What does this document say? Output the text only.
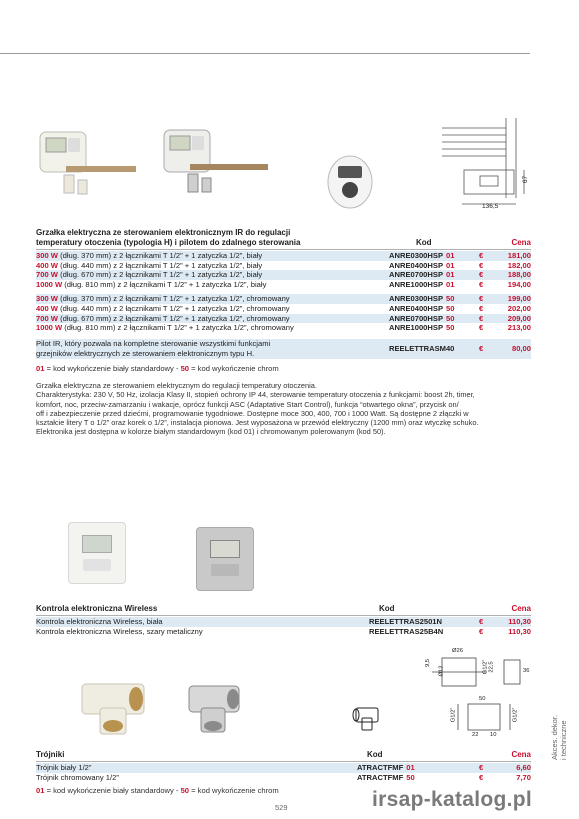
136,5
67
Grzałka elektryczna ze sterowaniem elektronicznym IR do regulacji
temperatury otoczenia (typologia H) i pilotem do zdalnego sterowania	Kod	Cena
300 W (dług. 370 mm) z 2 łącznikami T 1/2” + 1 zatyczka 1/2”, biały	ANRE0300HSP 01	€	181,00
400 W (dług. 440 mm) z 2 łącznikami T 1/2” + 1 zatyczka 1/2”, biały	ANRE0400HSP 01	€	182,00
700 W (dług. 670 mm) z 2 łącznikami T 1/2” + 1 zatyczka 1/2”, biały	ANRE0700HSP 01	€	188,00
1000 W (dług. 810 mm) z 2 łącznikami T 1/2” + 1 zatyczka 1/2”, biały	ANRE1000HSP 01	€	194,00
300 W (dług. 370 mm) z 2 łącznikami T 1/2” + 1 zatyczka 1/2”, chromowany	ANRE0300HSP 50	€	199,00
400 W (dług. 440 mm) z 2 łącznikami T 1/2” + 1 zatyczka 1/2”, chromowany	ANRE0400HSP 50	€	202,00
700 W (dług. 670 mm) z 2 łącznikami T 1/2” + 1 zatyczka 1/2”, chromowany	ANRE0700HSP 50	€	209,00
1000 W (dług. 810 mm) z 2 łącznikami T 1/2” + 1 zatyczka 1/2”, chromowany	ANRE1000HSP 50	€	213,00
Pilot IR, który pozwala na kompletne sterowanie wszystkimi funkcjami
grzejników elektrycznych ze sterowaniem elektronicznym typu H.
REELETTRASM40	€	80,00
01 = kod wykończenie biały standardowy - 50 = kod wykończenie chrom
Grzałka elektryczna ze sterowaniem elektrycznym do regulacji temperatury otoczenia.
Charakterystyka: 230 V, 50 Hz, izolacja Klasy II, stopień ochrony IP 44, sterowanie temperatury otoczenia z funkcjami: boost 2h, timer,
komfort, noc, przeciw-zamarzaniu i wakacje, oprócz funkcji ASC (Adaptative Start Control), funkcja “otwartego okna”, przycisk on/
off i zabezpieczenie przed dziećmi, programowanie tygodniowe. Dostępne moce 300, 400, 700 i 1000 Watt. Są dostępne 2 złączki w
kształcie litery T o 1/2” oraz korek o 1/2”, instalacja pionowa. Jest wyposażona w przewód elektryczny (1200 mm) oraz wtyczkę schuko.
Elektronika jest dostępna w kolorze białym standardowym (kod 01) i chromowanym polerowanym (kod 50).
Kontrola elektroniczna Wireless	Kod	Cena
Kontrola elektroniczna Wireless, biała	REELETTRAS2501N	€	110,30
Kontrola elektroniczna Wireless, szary metaliczny	REELETTRAS25B4N	€	110,30
Ø26
Ø12
9,5	G1/2” 22,5	36
50
G1/2”	G1/2”
22 10
Trójniki	Kod	Cena
Trójnik biały 1/2”	ATRACTFMF 01	€	6,60
Trójnik chromowany 1/2”	ATRACTFMF 50	€	7,70
01 = kod wykończenie biały standardowy - 50 = kod wykończenie chrom
Akces. dekor. i techniczne
529	irsap-katalog.pl
